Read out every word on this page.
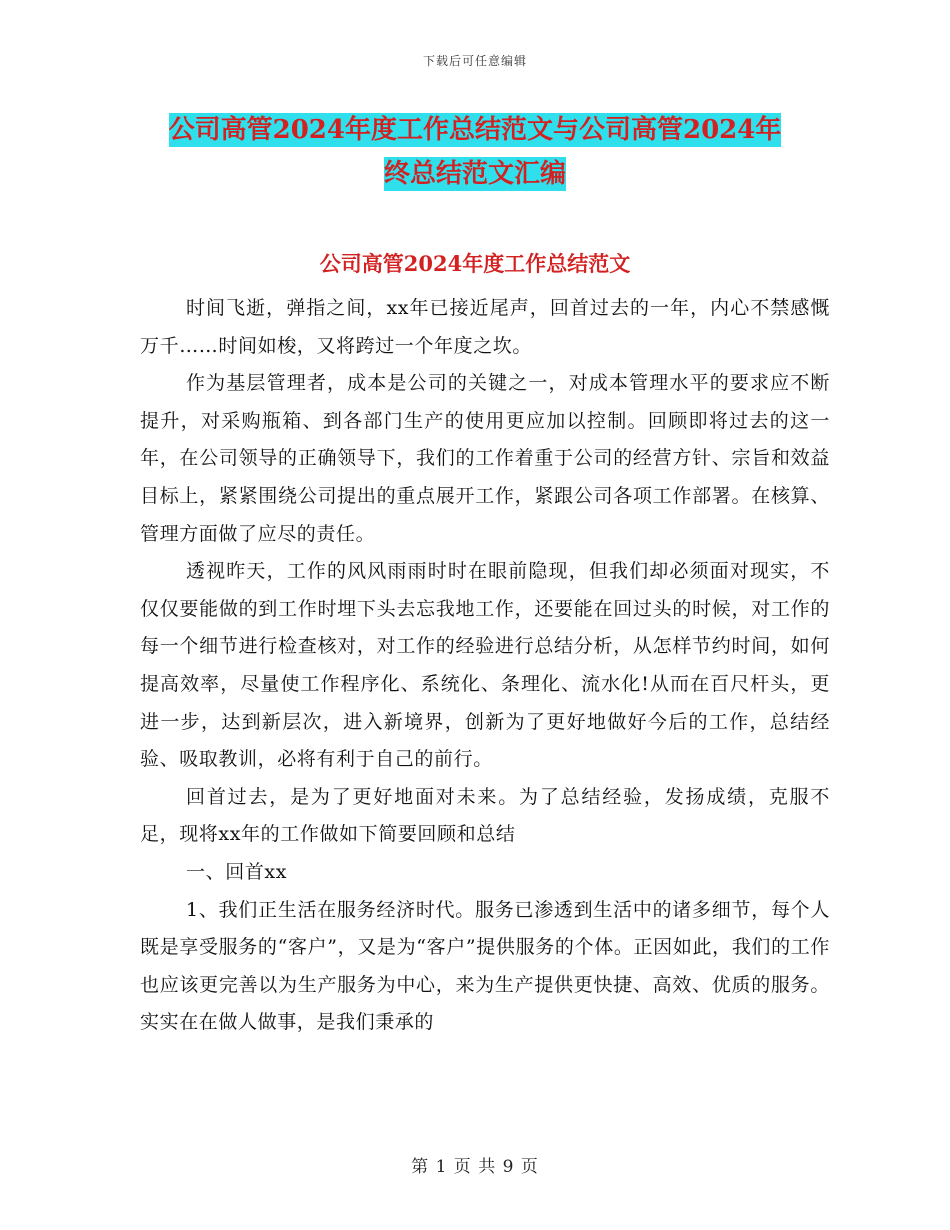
下载后可任意编辑
公司高管2024年度工作总结范文与公司高管2024年
终总结范文汇编
公司高管2024年度工作总结范文

时间飞逝，弹指之间，xx年已接近尾声，回首过去的一年，内心不禁感慨万千……时间如梭，又将跨过一个年度之坎。

作为基层管理者，成本是公司的关键之一，对成本管理水平的要求应不断提升，对采购瓶箱、到各部门生产的使用更应加以控制。回顾即将过去的这一年，在公司领导的正确领导下，我们的工作着重于公司的经营方针、宗旨和效益目标上，紧紧围绕公司提出的重点展开工作，紧跟公司各项工作部署。在核算、管理方面做了应尽的责任。

透视昨天，工作的风风雨雨时时在眼前隐现，但我们却必须面对现实，不仅仅要能做的到工作时埋下头去忘我地工作，还要能在回过头的时候，对工作的每一个细节进行检查核对，对工作的经验进行总结分析，从怎样节约时间，如何提高效率，尽量使工作程序化、系统化、条理化、流水化!从而在百尺杆头，更进一步，达到新层次，进入新境界，创新为了更好地做好今后的工作，总结经验、吸取教训，必将有利于自己的前行。

回首过去，是为了更好地面对未来。为了总结经验，发扬成绩，克服不足，现将xx年的工作做如下简要回顾和总结

一、回首xx

1、我们正生活在服务经济时代。服务已渗透到生活中的诸多细节，每个人既是享受服务的“客户”，又是为“客户”提供服务的个体。正因如此，我们的工作也应该更完善以为生产服务为中心，来为生产提供更快捷、高效、优质的服务。实实在在做人做事，是我们秉承的

第 1 页 共 9 页
